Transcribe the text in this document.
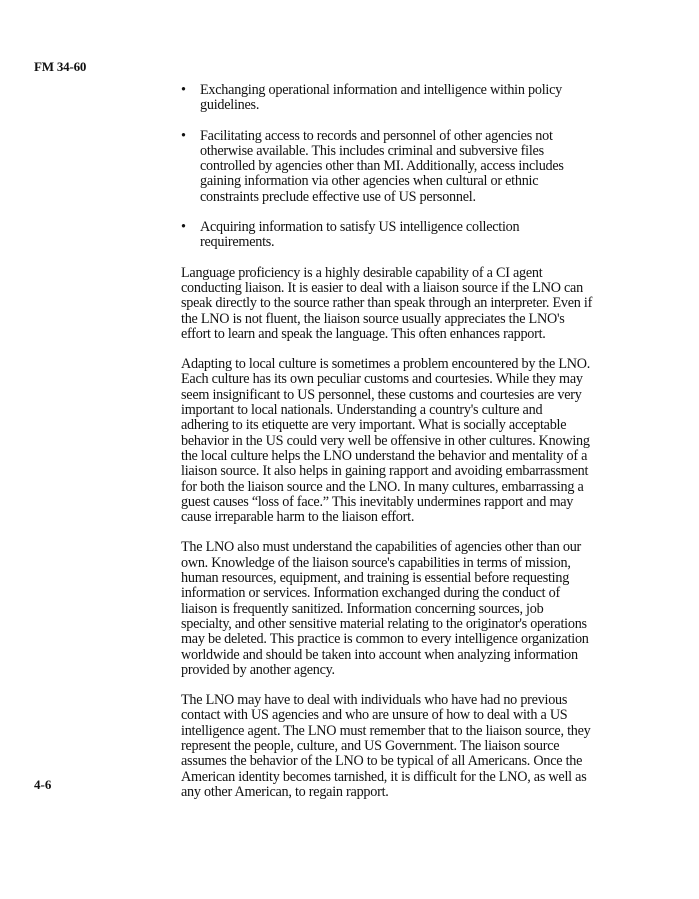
FM 34-60
•	Exchanging operational information and intelligence within policy guidelines.
•	Facilitating access to records and personnel of other agencies not otherwise available. This includes criminal and subversive files controlled by agencies other than MI. Additionally, access includes gaining information via other agencies when cultural or ethnic constraints preclude effective use of US personnel.
•	Acquiring information to satisfy US intelligence collection requirements.

Language proficiency is a highly desirable capability of a CI agent conducting liaison. It is easier to deal with a liaison source if the LNO can speak directly to the source rather than speak through an interpreter. Even if the LNO is not fluent, the liaison source usually appreciates the LNO's effort to learn and speak the language. This often enhances rapport.

Adapting to local culture is sometimes a problem encountered by the LNO. Each culture has its own peculiar customs and courtesies. While they may seem insignificant to US personnel, these customs and courtesies are very important to local nationals. Understanding a country's culture and adhering to its etiquette are very important. What is socially acceptable behavior in the US could very well be offensive in other cultures. Knowing the local culture helps the LNO understand the behavior and mentality of a liaison source. It also helps in gaining rapport and avoiding embarrassment for both the liaison source and the LNO. In many cultures, embarrassing a guest causes “loss of face.” This inevitably undermines rapport and may cause irreparable harm to the liaison effort.

The LNO also must understand the capabilities of agencies other than our own. Knowledge of the liaison source's capabilities in terms of mission, human resources, equipment, and training is essential before requesting information or services. Information exchanged during the conduct of liaison is frequently sanitized. Information concerning sources, job specialty, and other sensitive material relating to the originator's operations may be deleted. This practice is common to every intelligence organization worldwide and should be taken into account when analyzing information provided by another agency.

The LNO may have to deal with individuals who have had no previous contact with US agencies and who are unsure of how to deal with a US intelligence agent. The LNO must remember that to the liaison source, they represent the people, culture, and US Government. The liaison source assumes the behavior of the LNO to be typical of all Americans. Once the American identity becomes tarnished, it is difficult for the LNO, as well as any other American, to regain rapport.

4-6
